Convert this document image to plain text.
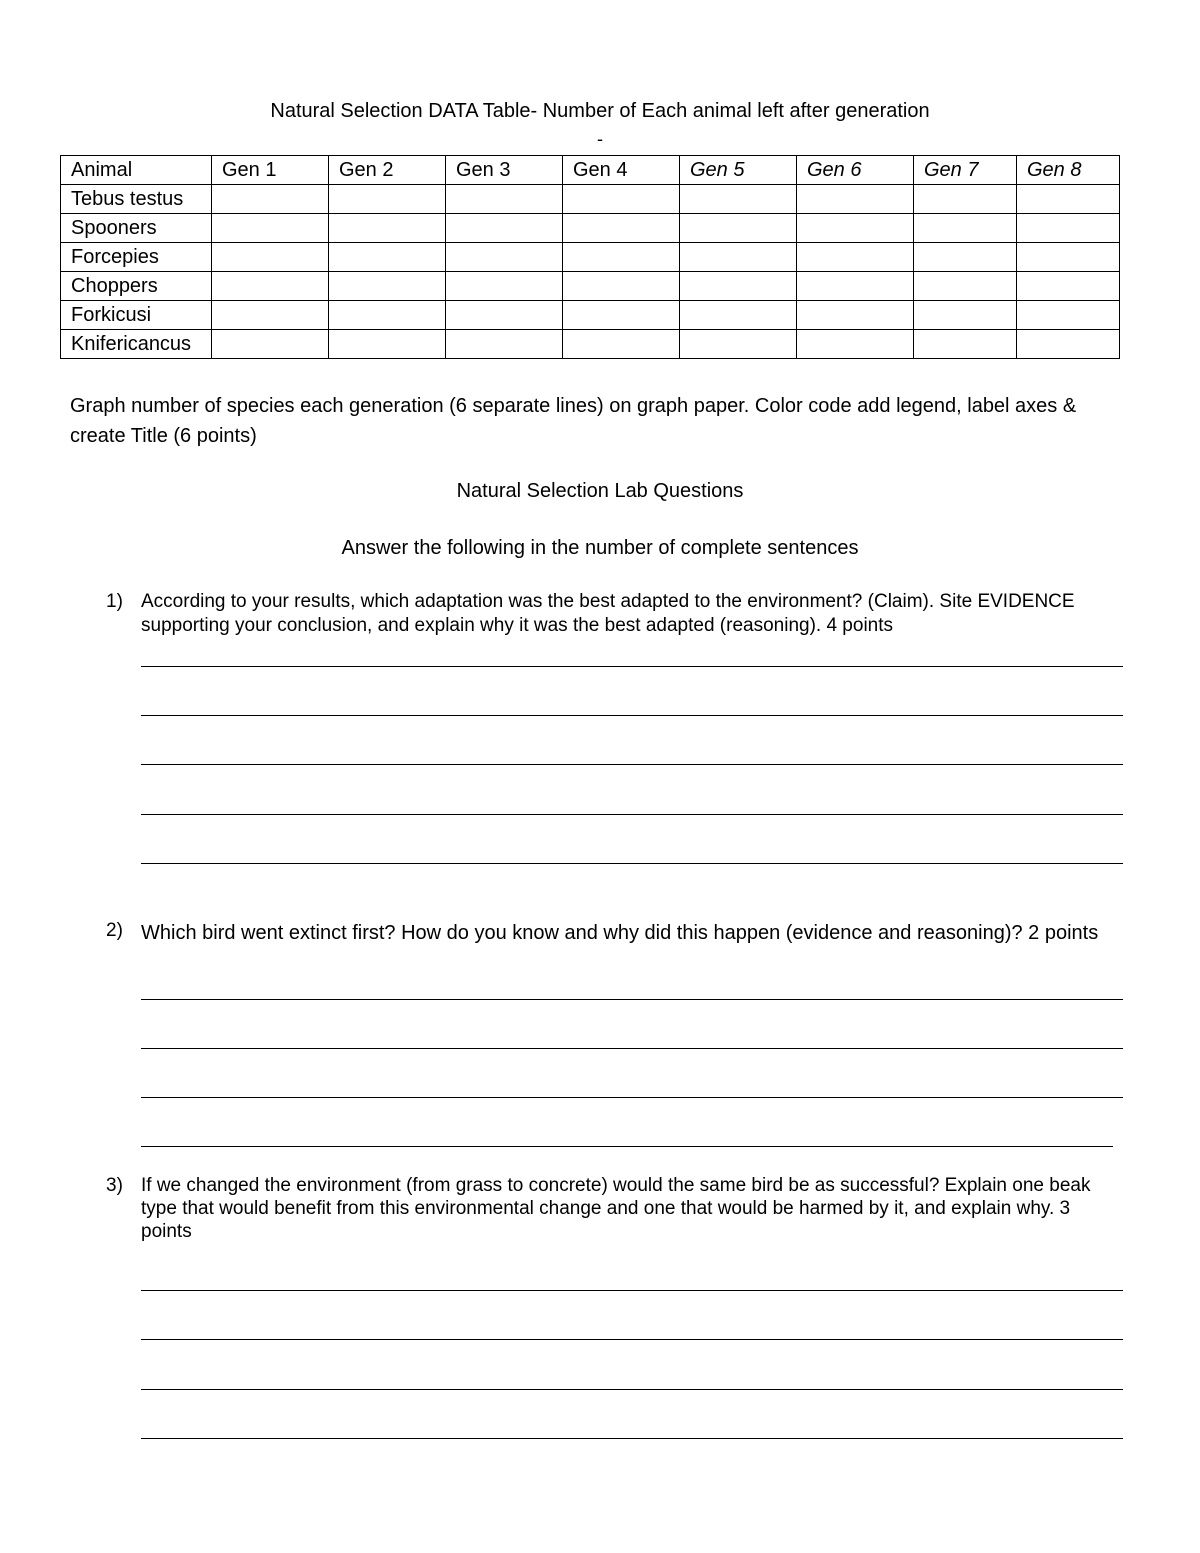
Natural Selection DATA Table- Number of Each animal left after generation
-
Animal	Gen 1	Gen 2	Gen 3	Gen 4	Gen 5	Gen 6	Gen 7	Gen 8
Tebus testus								
Spooners								
Forcepies								
Choppers								
Forkicusi								
Knifericancus								
Graph number of species each generation (6 separate lines) on graph paper. Color code add legend, label axes & create Title (6 points)
Natural Selection Lab Questions
Answer the following in the number of complete sentences
1) According to your results, which adaptation was the best adapted to the environment? (Claim). Site EVIDENCE supporting your conclusion, and explain why it was the best adapted (reasoning). 4 points
2) Which bird went extinct first? How do you know and why did this happen (evidence and reasoning)? 2 points
3) If we changed the environment (from grass to concrete) would the same bird be as successful? Explain one beak type that would benefit from this environmental change and one that would be harmed by it, and explain why. 3 points
